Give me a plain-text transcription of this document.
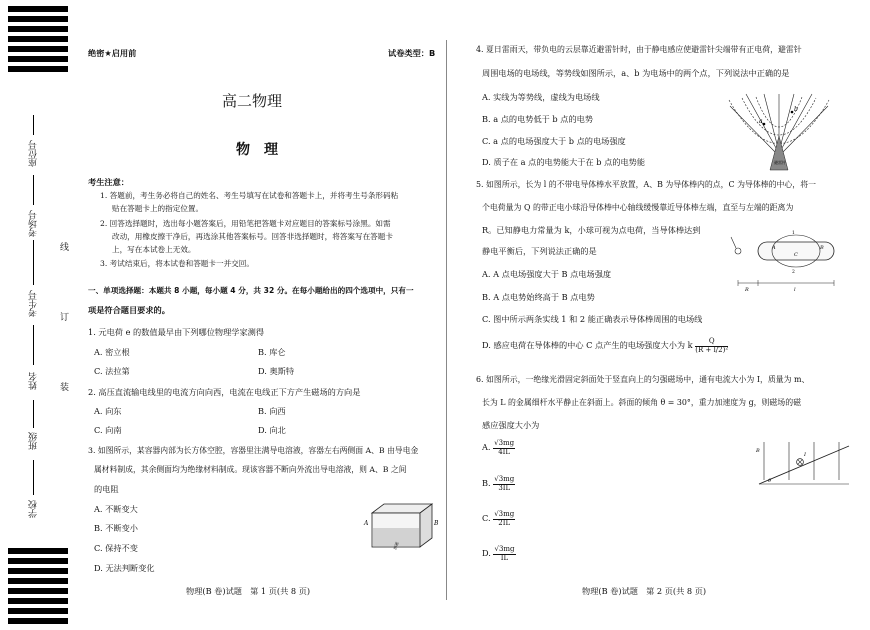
座位号
考场号
考生号
姓名
班级
学校
线
订
装
绝密★启用前	试卷类型：B
高二物理
物　理
考生注意：
1. 答题前，考生务必将自己的姓名、考生号填写在试卷和答题卡上，并将考生号条形码粘
贴在答题卡上的指定位置。
2. 回答选择题时，选出每小题答案后，用铅笔把答题卡对应题目的答案标号涂黑。如需
改动，用橡皮擦干净后，再选涂其他答案标号。回答非选择题时，将答案写在答题卡
上，写在本试卷上无效。
3. 考试结束后，将本试卷和答题卡一并交回。
一、单项选择题：本题共 8 小题，每小题 4 分，共 32 分。在每小题给出的四个选项中，只有一
项是符合题目要求的。
1. 元电荷 e 的数值最早由下列哪位物理学家测得
A. 密立根	B. 库仑
C. 法拉第	D. 奥斯特
2. 高压直流输电线里的电流方向向西，电流在电线正下方产生磁场的方向是
A. 向东	B. 向西
C. 向南	D. 向北
3. 如图所示，某容器内部为长方体空腔，容器里注满导电溶液，容器左右两侧面 A、B 由导电金
属材料制成，其余侧面均为绝缘材料制成。现该容器不断向外流出导电溶液，则 A、B 之间
的电阻
A. 不断变大
B. 不断变小
C. 保持不变
D. 无法判断变化
A	B
溶液
物理(B 卷)试题　第 1 页(共 8 页)
4. 夏日雷雨天，带负电的云层靠近避雷针时，由于静电感应使避雷针尖端带有正电荷，避雷针
周围电场的电场线，等势线如图所示，a、b 为电场中的两个点，下列说法中正确的是
A. 实线为等势线，虚线为电场线
B. a 点的电势低于 b 点的电势
C. a 点的电场强度大于 b 点的电场强度
D. 质子在 a 点的电势能大于在 b 点的电势能
a
b
避雷针
5. 如图所示，长为 l 的不带电导体棒水平放置，A、B 为导体棒内的点，C 为导体棒的中心，将一
个电荷量为 Q 的带正电小球沿导体棒中心轴线缓慢靠近导体棒左端，直至与左端的距离为
R。已知静电力常量为 k，小球可视为点电荷，当导体棒达到
静电平衡后，下列说法正确的是
A. A 点电场强度大于 B 点电场强度
B. A 点电势始终高于 B 点电势
C. 图中所示两条实线 1 和 2 能正确表示导体棒周围的电场线
D. 感应电荷在导体棒的中心 C 点产生的电场强度大小为 k $\frac{Q}{\text{(R + l/2)²}}$
A	B
C
1
2
R	l
6. 如图所示，一绝缘光滑固定斜面处于竖直向上的匀强磁场中，通有电流大小为 I，质量为 m、
长为 L 的金属细杆水平静止在斜面上。斜面的倾角 θ = 30°，重力加速度为 g，则磁场的磁
感应强度大小为
A. $\frac{√3mg}{4IL}$
B. $\frac{√3mg}{3IL}$
C. $\frac{√3mg}{2IL}$
D. $\frac{√3mg}{IL}$
B
I
θ
物理(B 卷)试题　第 2 页(共 8 页)
